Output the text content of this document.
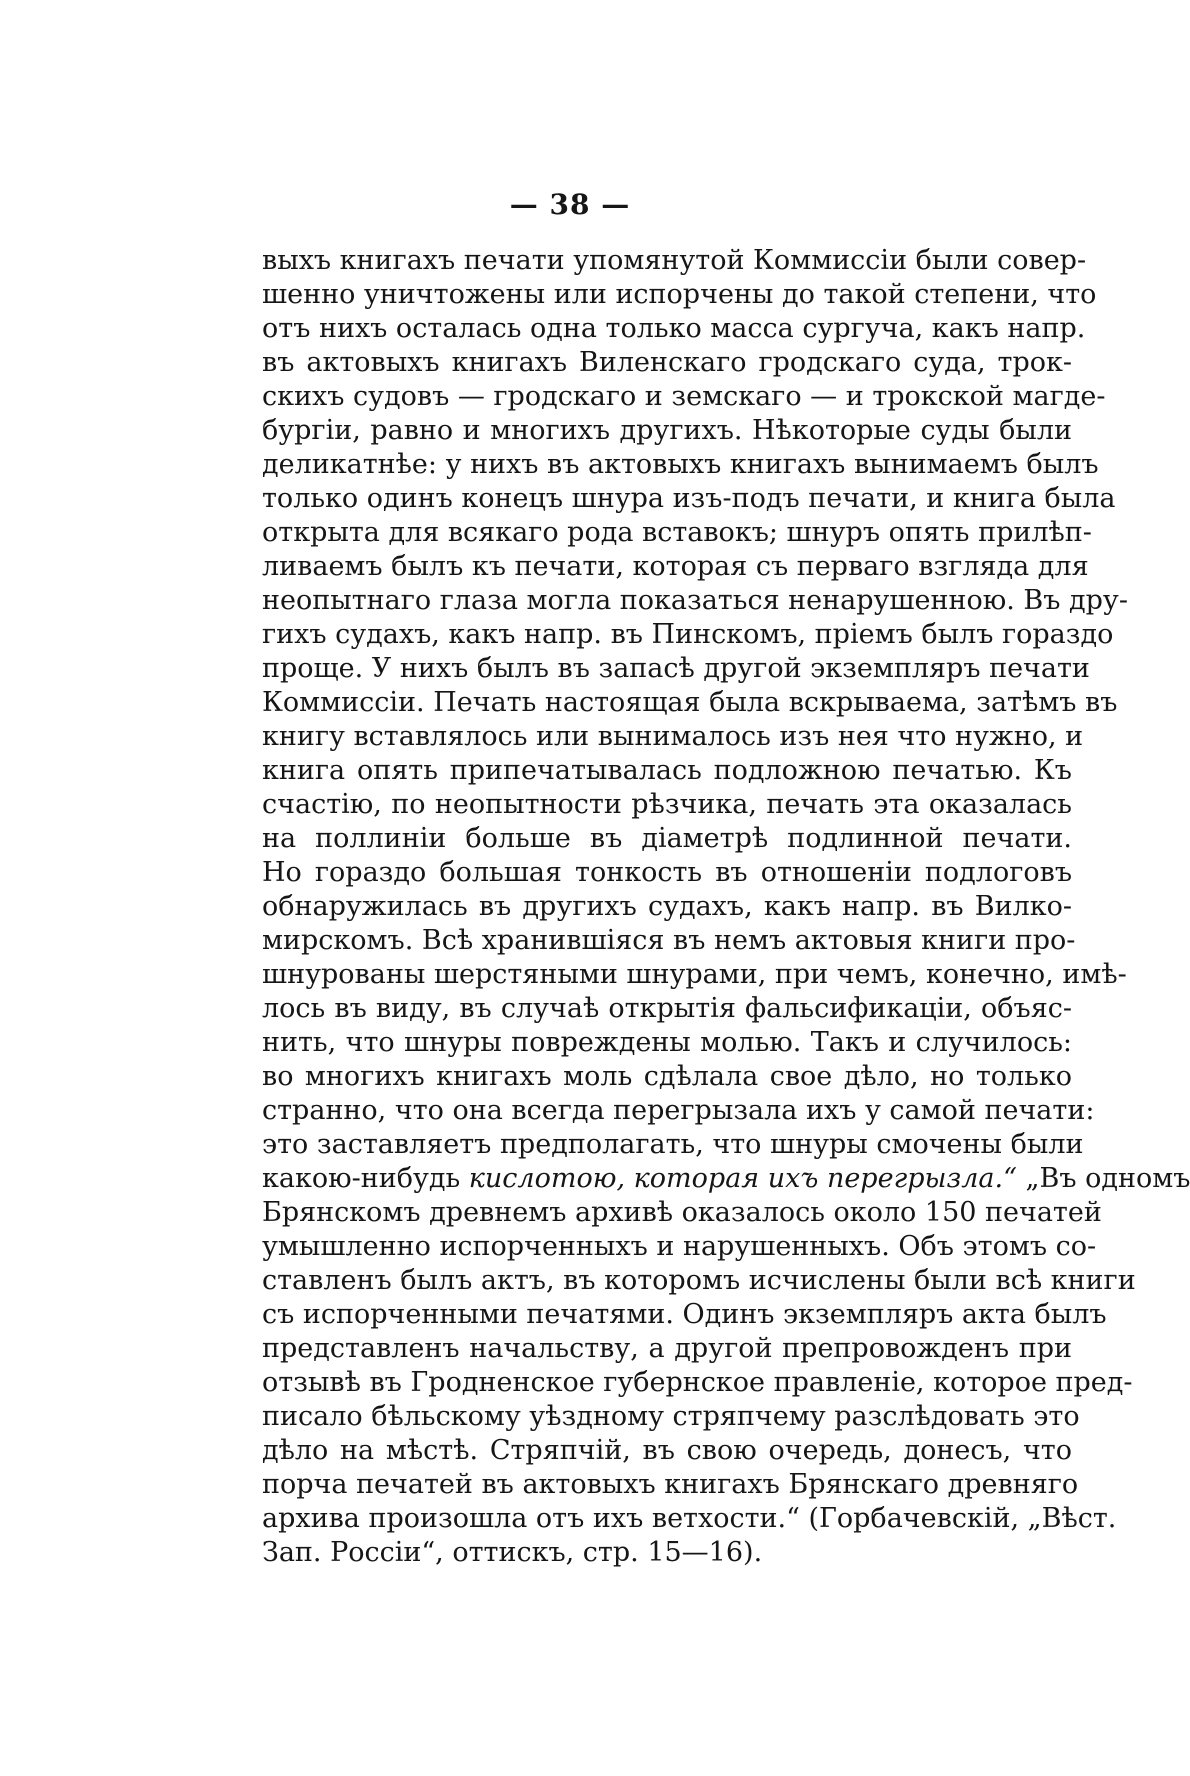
— 38 —
выхъ книгахъ печати упомянутой Коммиссіи были совер-
шенно уничтожены или испорчены до такой степени, что
отъ нихъ осталась одна только масса сургуча, какъ напр.
въ актовыхъ книгахъ Виленскаго гродскаго суда, трок-
скихъ судовъ — гродскаго и земскаго — и трокской магде-
бургіи, равно и многихъ другихъ. Нѣкоторые суды были
деликатнѣе: у нихъ въ актовыхъ книгахъ вынимаемъ былъ
только одинъ конецъ шнура изъ-подъ печати, и книга была
открыта для всякаго рода вставокъ; шнуръ опять прилѣп-
ливаемъ былъ къ печати, которая съ перваго взгляда для
неопытнаго глаза могла показаться ненарушенною. Въ дру-
гихъ судахъ, какъ напр. въ Пинскомъ, пріемъ былъ гораздо
проще. У нихъ былъ въ запасѣ другой экземпляръ печати
Коммиссіи. Печать настоящая была вскрываема, затѣмъ въ
книгу вставлялось или вынималось изъ нея что нужно, и
книга опять припечатывалась подложною печатью. Къ
счастію, по неопытности рѣзчика, печать эта оказалась
на поллиніи больше въ діаметрѣ подлинной печати.
Но гораздо большая тонкость въ отношеніи подлоговъ
обнаружилась въ другихъ судахъ, какъ напр. въ Вилко-
мирскомъ. Всѣ хранившіяся въ немъ актовыя книги про-
шнурованы шерстяными шнурами, при чемъ, конечно, имѣ-
лось въ виду, въ случаѣ открытія фальсификаціи, объяс-
нить, что шнуры повреждены молью. Такъ и случилось:
во многихъ книгахъ моль сдѣлала свое дѣло, но только
странно, что она всегда перегрызала ихъ у самой печати:
это заставляетъ предполагать, что шнуры смочены были
какою-нибудь кислотою, которая ихъ перегрызла.“ „Въ одномъ
Брянскомъ древнемъ архивѣ оказалось около 150 печатей
умышленно испорченныхъ и нарушенныхъ. Объ этомъ со-
ставленъ былъ актъ, въ которомъ исчислены были всѣ книги
съ испорченными печатями. Одинъ экземпляръ акта былъ
представленъ начальству, а другой препровожденъ при
отзывѣ въ Гродненское губернское правленіе, которое пред-
писало бѣльскому уѣздному стряпчему разслѣдовать это
дѣло на мѣстѣ. Стряпчій, въ свою очередь, донесъ, что
порча печатей въ актовыхъ книгахъ Брянскаго древняго
архива произошла отъ ихъ ветхости.“ (Горбачевскій, „Вѣст.
Зап. Россіи“, оттискъ, стр. 15—16).
